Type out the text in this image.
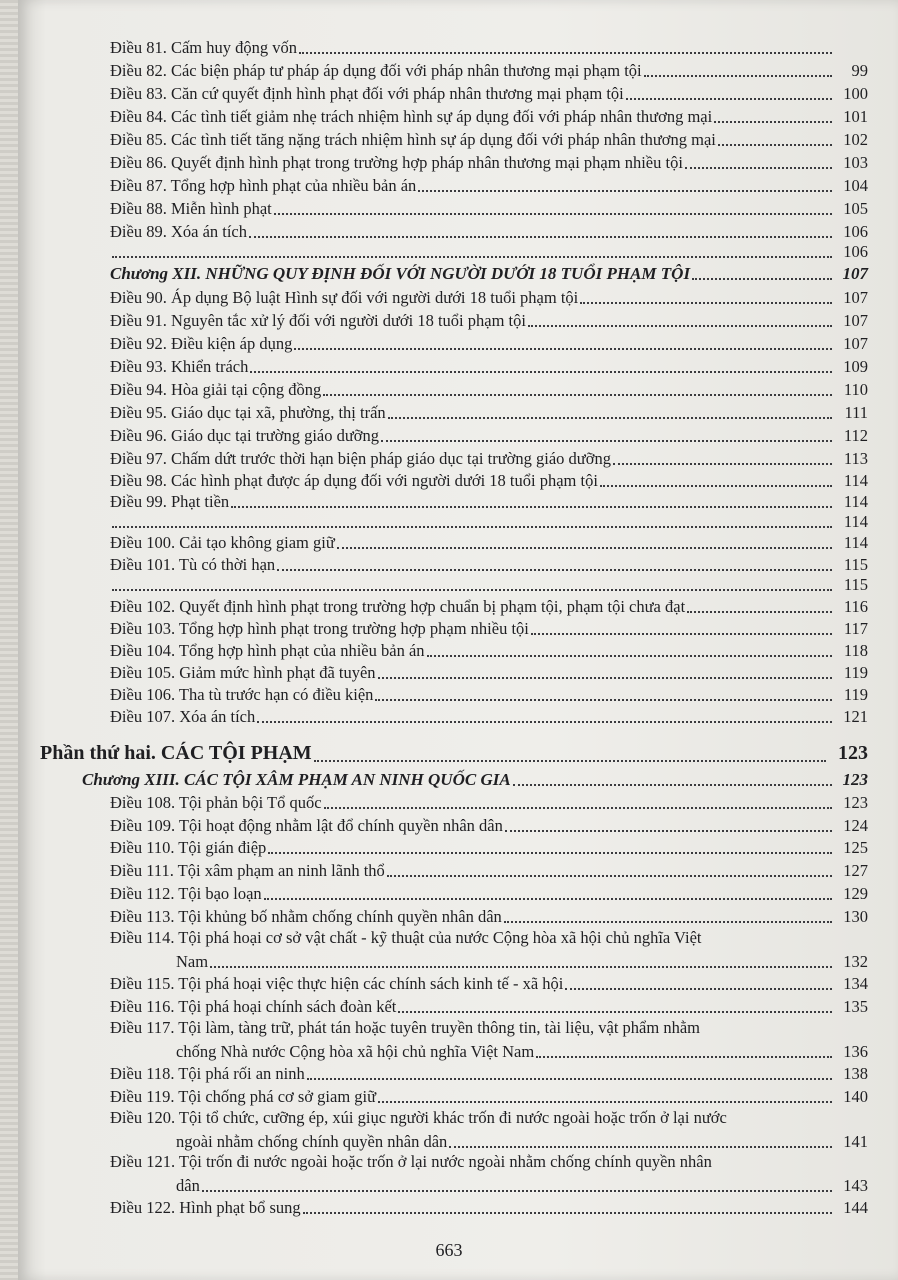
Điều 81. Cấm huy động vốn
Điều 82. Các biện pháp tư pháp áp dụng đối với pháp nhân thương mại phạm tội	99
Điều 83. Căn cứ quyết định hình phạt đối với pháp nhân thương mại phạm tội	100
Điều 84. Các tình tiết giảm nhẹ trách nhiệm hình sự áp dụng đối với pháp nhân thương mại	101
Điều 85. Các tình tiết tăng nặng trách nhiệm hình sự áp dụng đối với pháp nhân thương mại	102
Điều 86. Quyết định hình phạt trong trường hợp pháp nhân thương mại phạm nhiều tội	103
Điều 87. Tổng hợp hình phạt của nhiều bản án	104
Điều 88. Miễn hình phạt	105
Điều 89. Xóa án tích	106
106
Chương XII. NHỮNG QUY ĐỊNH ĐỐI VỚI NGƯỜI DƯỚI 18 TUỔI PHẠM TỘI	107
Điều 90. Áp dụng Bộ luật Hình sự đối với người dưới 18 tuổi phạm tội	107
Điều 91. Nguyên tắc xử lý đối với người dưới 18 tuổi phạm tội	107
Điều 92. Điều kiện áp dụng	107
Điều 93. Khiển trách	109
Điều 94. Hòa giải tại cộng đồng	110
Điều 95. Giáo dục tại xã, phường, thị trấn	111
Điều 96. Giáo dục tại trường giáo dưỡng	112
Điều 97. Chấm dứt trước thời hạn biện pháp giáo dục tại trường giáo dưỡng	113
Điều 98. Các hình phạt được áp dụng đối với người dưới 18 tuổi phạm tội	114
Điều 99. Phạt tiền	114
114
Điều 100. Cải tạo không giam giữ	114
Điều 101. Tù có thời hạn	115
115
Điều 102. Quyết định hình phạt trong trường hợp chuẩn bị phạm tội, phạm tội chưa đạt	116
Điều 103. Tổng hợp hình phạt trong trường hợp phạm nhiều tội	117
Điều 104. Tổng hợp hình phạt của nhiều bản án	118
Điều 105. Giảm mức hình phạt đã tuyên	119
Điều 106. Tha tù trước hạn có điều kiện	119
Điều 107. Xóa án tích	121
Phần thứ hai. CÁC TỘI PHẠM	123
Chương XIII. CÁC TỘI XÂM PHẠM AN NINH QUỐC GIA	123
Điều 108. Tội phản bội Tổ quốc	123
Điều 109. Tội hoạt động nhằm lật đổ chính quyền nhân dân	124
Điều 110. Tội gián điệp	125
Điều 111. Tội xâm phạm an ninh lãnh thổ	127
Điều 112. Tội bạo loạn	129
Điều 113. Tội khủng bố nhằm chống chính quyền nhân dân	130
Điều 114. Tội phá hoại cơ sở vật chất - kỹ thuật của nước Cộng hòa xã hội chủ nghĩa Việt
Nam	132
Điều 115. Tội phá hoại việc thực hiện các chính sách kinh tế - xã hội	134
Điều 116. Tội phá hoại chính sách đoàn kết	135
Điều 117. Tội làm, tàng trữ, phát tán hoặc tuyên truyền thông tin, tài liệu, vật phẩm nhằm
chống Nhà nước Cộng hòa xã hội chủ nghĩa Việt Nam	136
Điều 118. Tội phá rối an ninh	138
Điều 119. Tội chống phá cơ sở giam giữ	140
Điều 120. Tội tổ chức, cưỡng ép, xúi giục người khác trốn đi nước ngoài hoặc trốn ở lại nước
ngoài nhằm chống chính quyền nhân dân	141
Điều 121. Tội trốn đi nước ngoài hoặc trốn ở lại nước ngoài nhằm chống chính quyền nhân
dân	143
Điều 122. Hình phạt bổ sung	144
663
